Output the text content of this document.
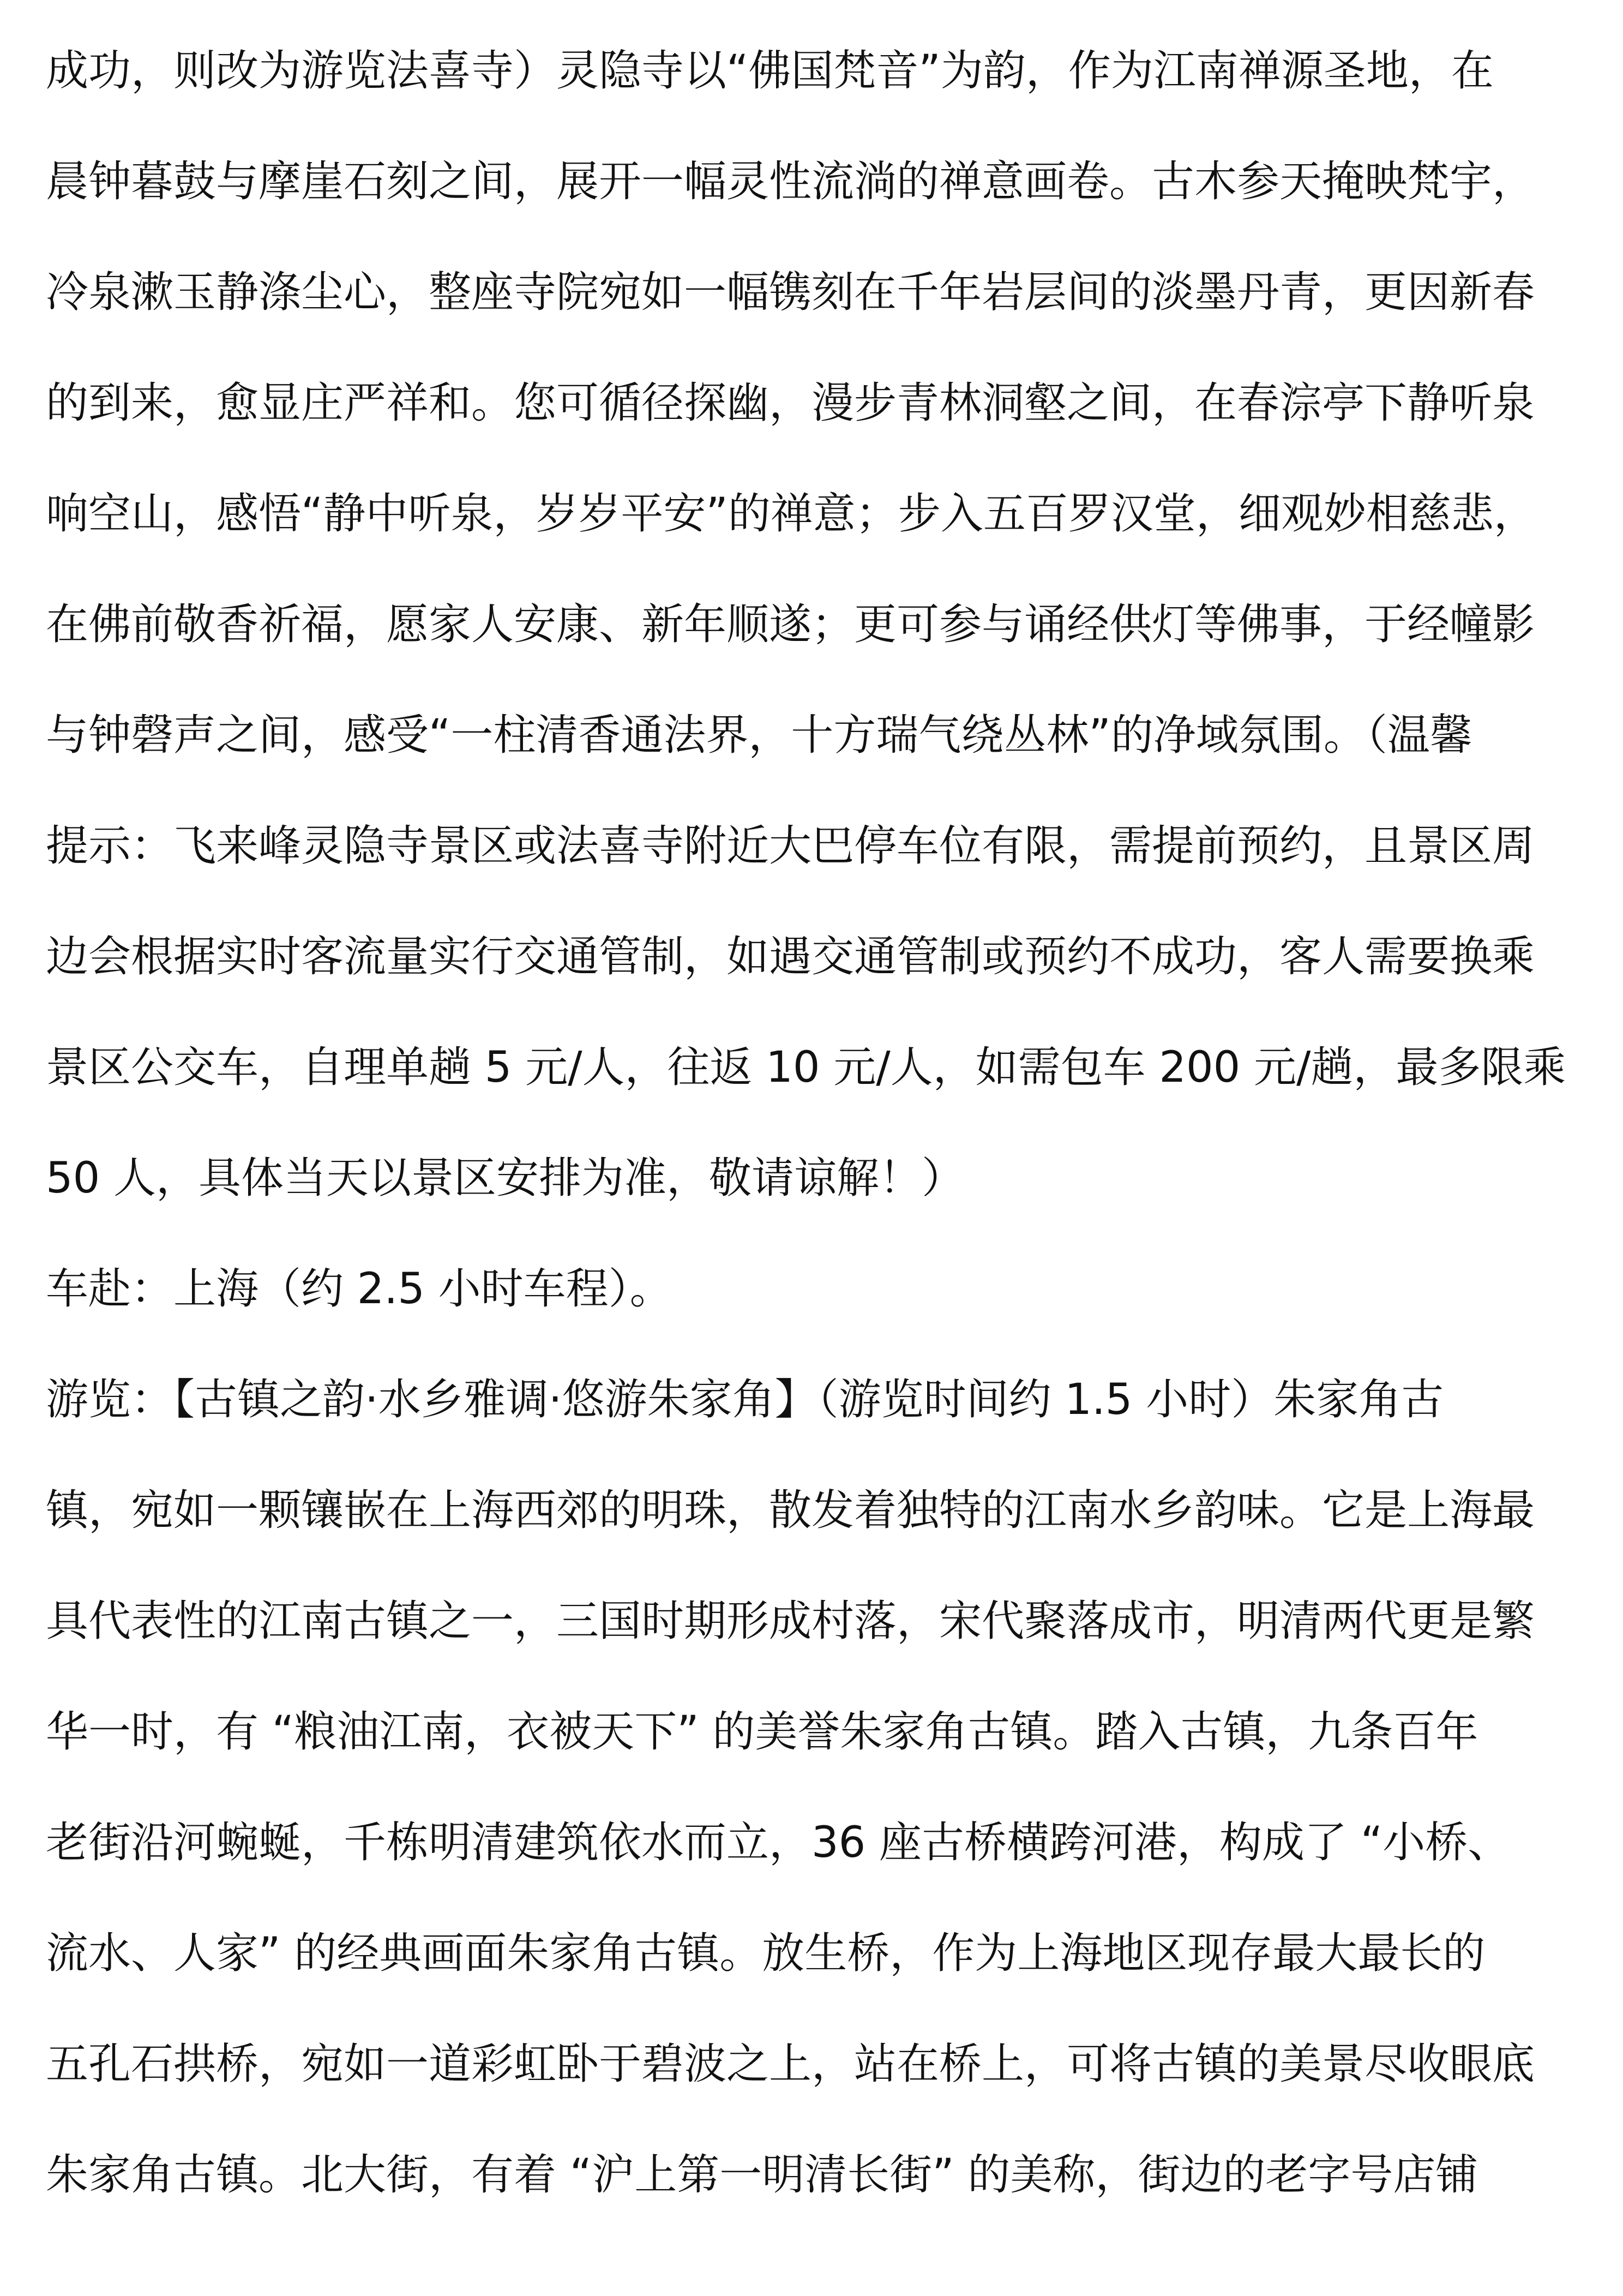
成功，则改为游览法喜寺）灵隐寺以“佛国梵音”为韵，作为江南禅源圣地，在
晨钟暮鼓与摩崖石刻之间，展开一幅灵性流淌的禅意画卷。古木参天掩映梵宇，
冷泉漱玉静涤尘心，整座寺院宛如一幅镌刻在千年岩层间的淡墨丹青，更因新春
的到来，愈显庄严祥和。您可循径探幽，漫步青林洞壑之间，在春淙亭下静听泉
响空山，感悟“静中听泉，岁岁平安”的禅意；步入五百罗汉堂，细观妙相慈悲，
在佛前敬香祈福，愿家人安康、新年顺遂；更可参与诵经供灯等佛事，于经幢影
与钟磬声之间，感受“一柱清香通法界，十方瑞气绕丛林”的净域氛围。（温馨
提示：飞来峰灵隐寺景区或法喜寺附近大巴停车位有限，需提前预约，且景区周
边会根据实时客流量实行交通管制，如遇交通管制或预约不成功，客人需要换乘
景区公交车，自理单趟 5 元/人，往返 10 元/人，如需包车 200 元/趟，最多限乘
50 人，具体当天以景区安排为准，敬请谅解！）
车赴：上海（约 2.5 小时车程）。
游览：【古镇之韵·水乡雅调·悠游朱家角】（游览时间约 1.5 小时）朱家角古
镇，宛如一颗镶嵌在上海西郊的明珠，散发着独特的江南水乡韵味。它是上海最
具代表性的江南古镇之一，三国时期形成村落，宋代聚落成市，明清两代更是繁
华一时，有 “粮油江南，衣被天下” 的美誉朱家角古镇。踏入古镇，九条百年
老街沿河蜿蜒，千栋明清建筑依水而立，36 座古桥横跨河港，构成了 “小桥、
流水、人家” 的经典画面朱家角古镇。放生桥，作为上海地区现存最大最长的
五孔石拱桥，宛如一道彩虹卧于碧波之上，站在桥上，可将古镇的美景尽收眼底
朱家角古镇。北大街，有着 “沪上第一明清长街” 的美称，街边的老字号店铺
